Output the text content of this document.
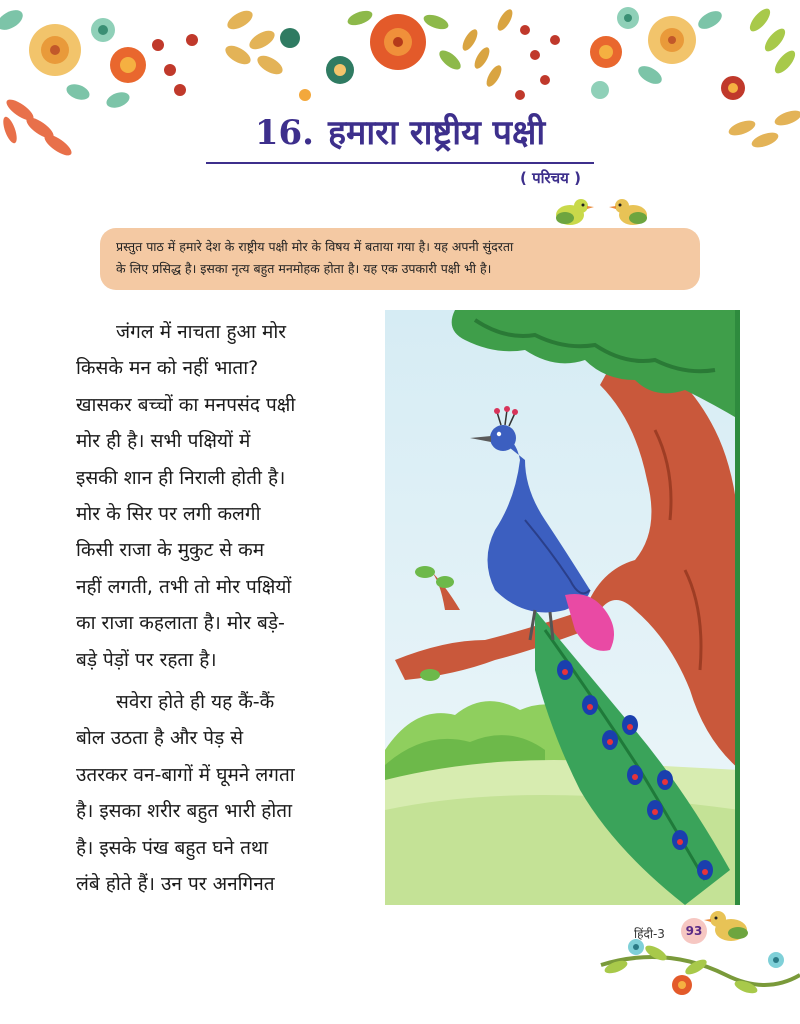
16. हमारा राष्ट्रीय पक्षी
( परिचय )
प्रस्तुत पाठ में हमारे देश के राष्ट्रीय पक्षी मोर के विषय में बताया गया है। यह अपनी सुंदरता
के लिए प्रसिद्ध है। इसका नृत्य बहुत मनमोहक होता है। यह एक उपकारी पक्षी भी है।

जंगल में नाचता हुआ मोर
किसके मन को नहीं भाता?
खासकर बच्चों का मनपसंद पक्षी
मोर ही है। सभी पक्षियों में
इसकी शान ही निराली होती है।
मोर के सिर पर लगी कलगी
किसी राजा के मुकुट से कम
नहीं लगती, तभी तो मोर पक्षियों
का राजा कहलाता है। मोर बड़े-
बड़े पेड़ों पर रहता है।

सवेरा होते ही यह कैं-कैं
बोल उठता है और पेड़ से
उतरकर वन-बागों में घूमने लगता
है। इसका शरीर बहुत भारी होता
है। इसके पंख बहुत घने तथा
लंबे होते हैं। उन पर अनगिनत

हिंदी-3	93
